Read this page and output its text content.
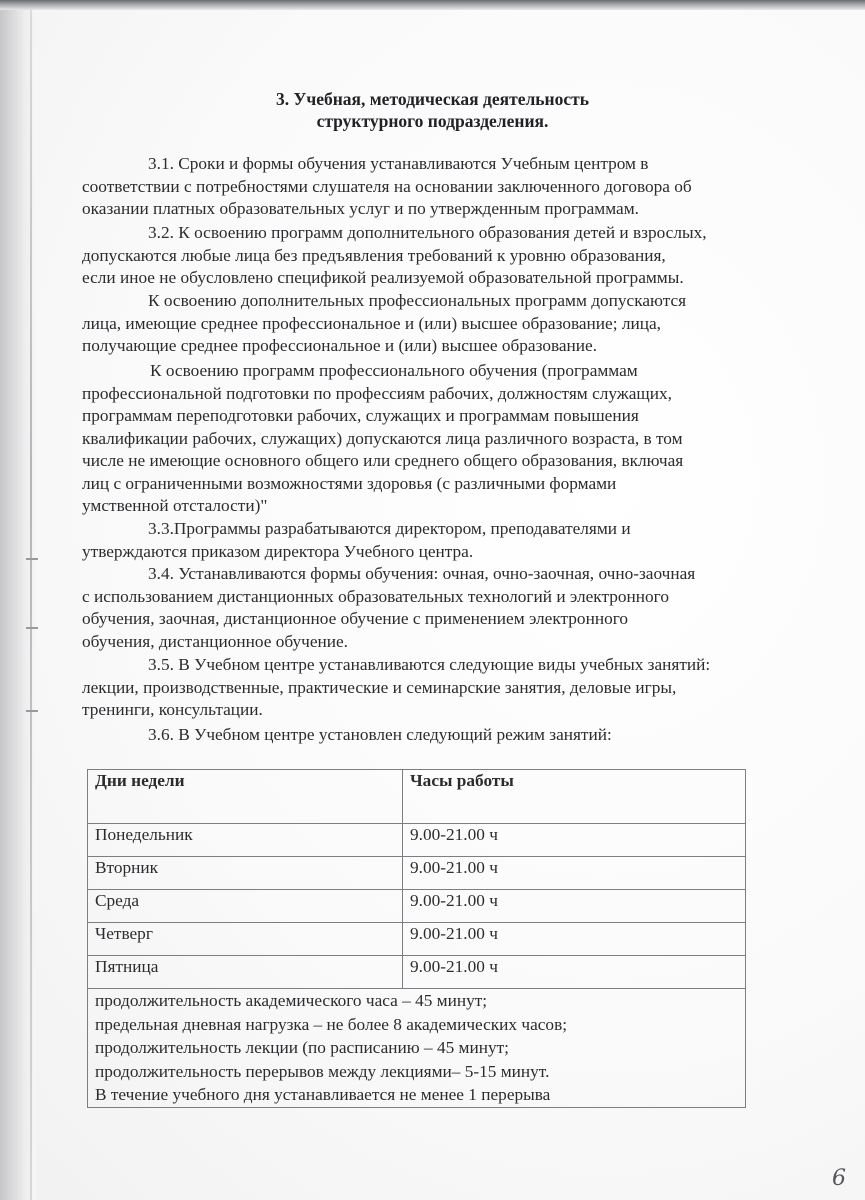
3. Учебная, методическая деятельность
структурного подразделения.
3.1. Сроки и формы обучения устанавливаются Учебным центром в
соответствии с потребностями слушателя на основании заключенного договора об
оказании платных образовательных услуг и по утвержденным программам.
3.2. К освоению программ дополнительного образования детей и взрослых,
допускаются любые лица без предъявления требований к уровню образования,
если иное не обусловлено спецификой реализуемой образовательной программы.
К освоению дополнительных профессиональных программ допускаются
лица, имеющие среднее профессиональное и (или) высшее образование; лица,
получающие среднее профессиональное и (или) высшее образование.
К освоению программ профессионального обучения (программам
профессиональной подготовки по профессиям рабочих, должностям служащих,
программам переподготовки рабочих, служащих и программам повышения
квалификации рабочих, служащих) допускаются лица различного возраста, в том
числе не имеющие основного общего или среднего общего образования, включая
лиц с ограниченными возможностями здоровья (с различными формами
умственной отсталости)"
3.3.Программы разрабатываются директором, преподавателями и
утверждаются приказом директора Учебного центра.
3.4. Устанавливаются формы обучения: очная, очно-заочная, очно-заочная
с использованием дистанционных образовательных технологий и электронного
обучения, заочная, дистанционное обучение с применением электронного
обучения, дистанционное обучение.
3.5. В Учебном центре устанавливаются следующие виды учебных занятий:
лекции, производственные, практические и семинарские занятия, деловые игры,
тренинги, консультации.
3.6. В Учебном центре установлен следующий режим занятий:
Дни недели	Часы работы
Понедельник	9.00-21.00 ч
Вторник	9.00-21.00 ч
Среда	9.00-21.00 ч
Четверг	9.00-21.00 ч
Пятница	9.00-21.00 ч

продолжительность академического часа – 45 минут;
предельная дневная нагрузка – не более 8 академических часов;
продолжительность лекции (по расписанию – 45 минут;
продолжительность перерывов между лекциями– 5-15 минут.
В течение учебного дня устанавливается не менее 1 перерыва	
6
